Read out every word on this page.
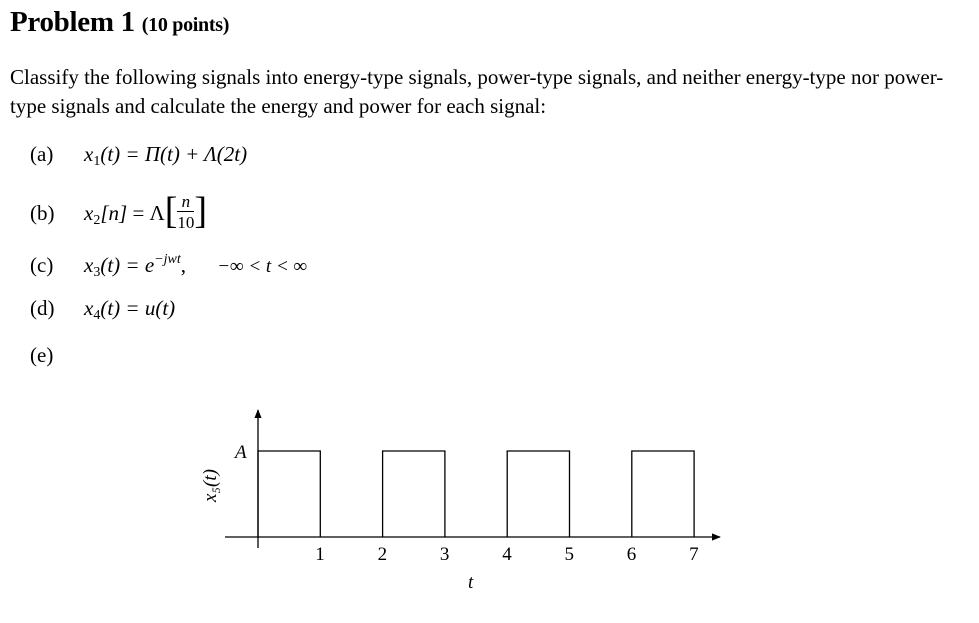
Problem 1 (10 points)
Classify the following signals into energy-type signals, power-type signals, and neither energy-type nor power-type signals and calculate the energy and power for each signal:
(a) $x_1(t) = \Pi(t) + \Lambda(2t)$
(b) $x_2[n] = \Lambda[ \frac{n}{10}$ ]
(c) $x_3(t) = e^{-jwt}$, −∞ < t < ∞
(d) $x_4(t) = u(t)$
(e)
1	2	3	4	5	6	7
A
t
x₅(t)
